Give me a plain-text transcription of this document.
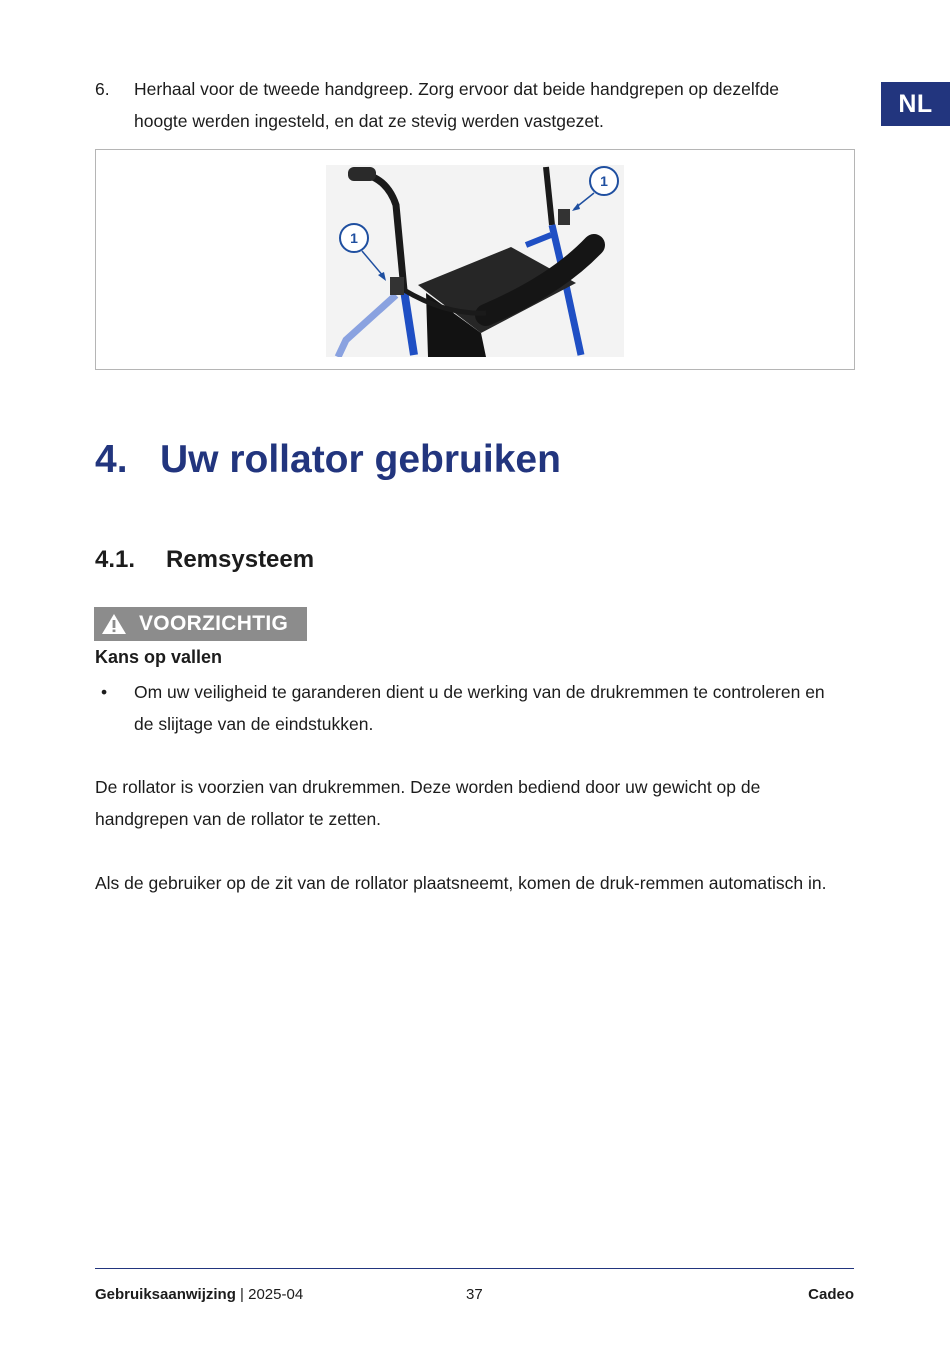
NL
6.	Herhaal voor de tweede handgreep. Zorg ervoor dat beide handgrepen op dezelfde hoogte werden ingesteld, en dat ze stevig werden vastgezet.
1
1
4. Uw rollator gebruiken
4.1.	Remsysteem
VOORZICHTIG
Kans op vallen
•	Om uw veiligheid te garanderen dient u de werking van de drukremmen te controleren en de slijtage van de eindstukken.
De rollator is voorzien van drukremmen. Deze worden bediend door uw gewicht op de handgrepen van de rollator te zetten.
Als de gebruiker op de zit van de rollator plaatsneemt, komen de druk-remmen automatisch in.
Gebruiksaanwijzing | 2025-04	37	Cadeo
